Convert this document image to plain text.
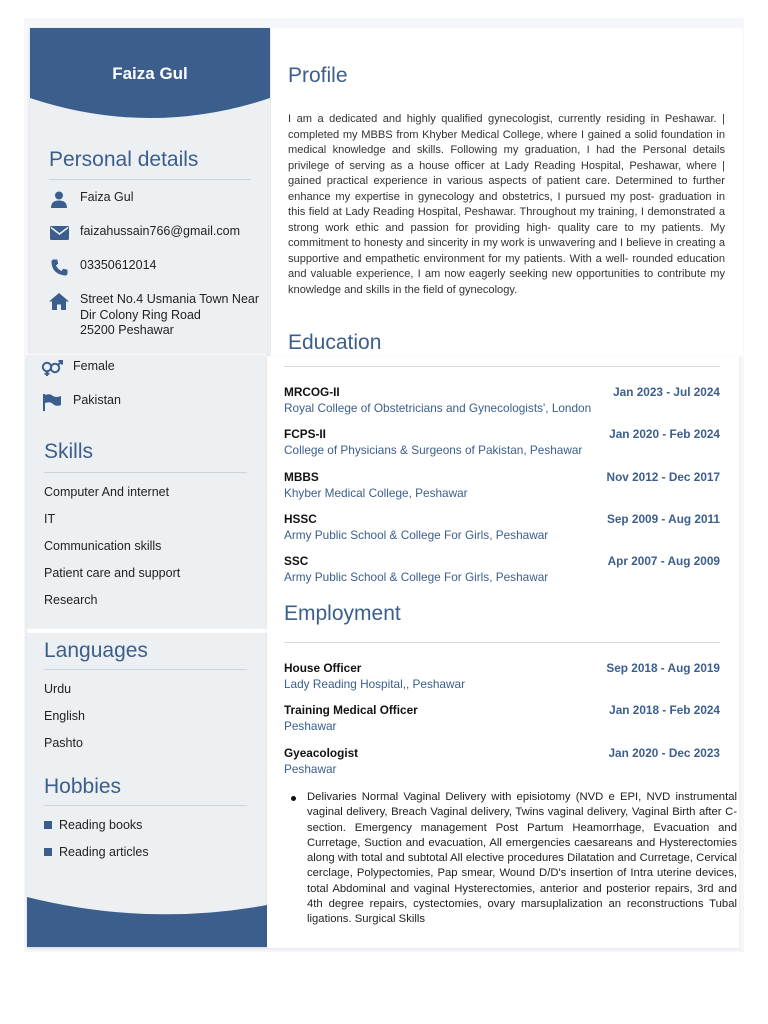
Faiza Gul
Personal details
Faiza Gul
faizahussain766@gmail.com
03350612014
Street No.4 Usmania Town Near
Dir Colony Ring Road
25200 Peshawar
Female
Pakistan
Skills
Computer And internet
IT
Communication skills
Patient care and support
Research
Languages
Urdu
English
Pashto
Hobbies
Reading books
Reading articles
Profile
I am a dedicated and highly qualified gynecologist, currently residing in Peshawar. | completed my MBBS from Khyber Medical College, where I gained a solid foundation in medical knowledge and skills. Following my graduation, I had the Personal details privilege of serving as a house officer at Lady Reading Hospital, Peshawar, where | gained practical experience in various aspects of patient care. Determined to further enhance my expertise in gynecology and obstetrics, I pursued my post- graduation in this field at Lady Reading Hospital, Peshawar. Throughout my training, I demonstrated a strong work ethic and passion for providing high- quality care to my patients. My commitment to honesty and sincerity in my work is unwavering and I believe in creating a supportive and empathetic environment for my patients. With a well- rounded education and valuable experience, I am now eagerly seeking new opportunities to contribute my knowledge and skills in the field of gynecology.
Education
MRCOG-II
Royal College of Obstetricians and Gynecologists', London
Jan 2023 - Jul 2024
FCPS-II
College of Physicians & Surgeons of Pakistan, Peshawar
Jan 2020 - Feb 2024
MBBS
Khyber Medical College, Peshawar
Nov 2012 - Dec 2017
HSSC
Army Public School & College For Girls, Peshawar
Sep 2009 - Aug 2011
SSC
Army Public School & College For Girls, Peshawar
Apr 2007 - Aug 2009
Employment
House Officer
Lady Reading Hospital,, Peshawar
Sep 2018 - Aug 2019
Training Medical Officer
Peshawar
Jan 2018 - Feb 2024
Gyeacologist
Peshawar
Jan 2020 - Dec 2023
Delivaries Normal Vaginal Delivery with episiotomy (NVD e EPI, NVD instrumental vaginal delivery, Breach Vaginal delivery, Twins vaginal delivery, Vaginal Birth after C-section. Emergency management Post Partum Heamorrhage, Evacuation and Curretage, Suction and evacuation, All emergencies caesareans and Hysterectomies along with total and subtotal All elective procedures Dilatation and Curretage, Cervical cerclage, Polypectomies, Pap smear, Wound D/D's insertion of Intra uterine devices, total Abdominal and vaginal Hysterectomies, anterior and posterior repairs, 3rd and 4th degree repairs, cystectomies, ovary marsuplalization an reconstructions Tubal ligations. Surgical Skills
